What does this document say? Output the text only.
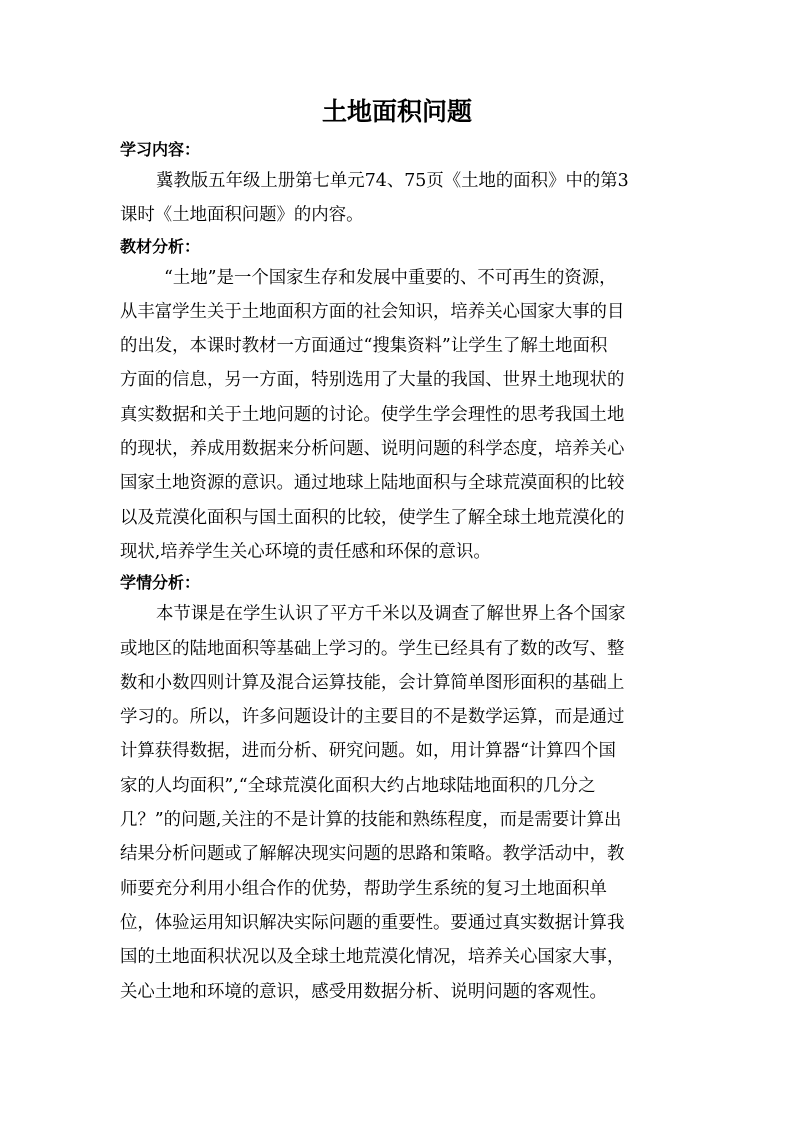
土地面积问题
学习内容：

冀教版五年级上册第七单元74、75页《土地的面积》中的第3
课时《土地面积问题》的内容。

教材分析：

“土地”是一个国家生存和发展中重要的、不可再生的资源，
从丰富学生关于土地面积方面的社会知识，培养关心国家大事的目
的出发，本课时教材一方面通过“搜集资料”让学生了解土地面积
方面的信息，另一方面，特别选用了大量的我国、世界土地现状的
真实数据和关于土地问题的讨论。使学生学会理性的思考我国土地
的现状，养成用数据来分析问题、说明问题的科学态度，培养关心
国家土地资源的意识。通过地球上陆地面积与全球荒漠面积的比较
以及荒漠化面积与国土面积的比较，使学生了解全球土地荒漠化的
现状,培养学生关心环境的责任感和环保的意识。

学情分析：

本节课是在学生认识了平方千米以及调查了解世界上各个国家
或地区的陆地面积等基础上学习的。学生已经具有了数的改写、整
数和小数四则计算及混合运算技能，会计算简单图形面积的基础上
学习的。所以，许多问题设计的主要目的不是数学运算，而是通过
计算获得数据，进而分析、研究问题。如，用计算器“计算四个国
家的人均面积”,“全球荒漠化面积大约占地球陆地面积的几分之
几？”的问题,关注的不是计算的技能和熟练程度，而是需要计算出
结果分析问题或了解解决现实问题的思路和策略。教学活动中，教
师要充分利用小组合作的优势，帮助学生系统的复习土地面积单
位，体验运用知识解决实际问题的重要性。要通过真实数据计算我
国的土地面积状况以及全球土地荒漠化情况，培养关心国家大事，
关心土地和环境的意识，感受用数据分析、说明问题的客观性。
